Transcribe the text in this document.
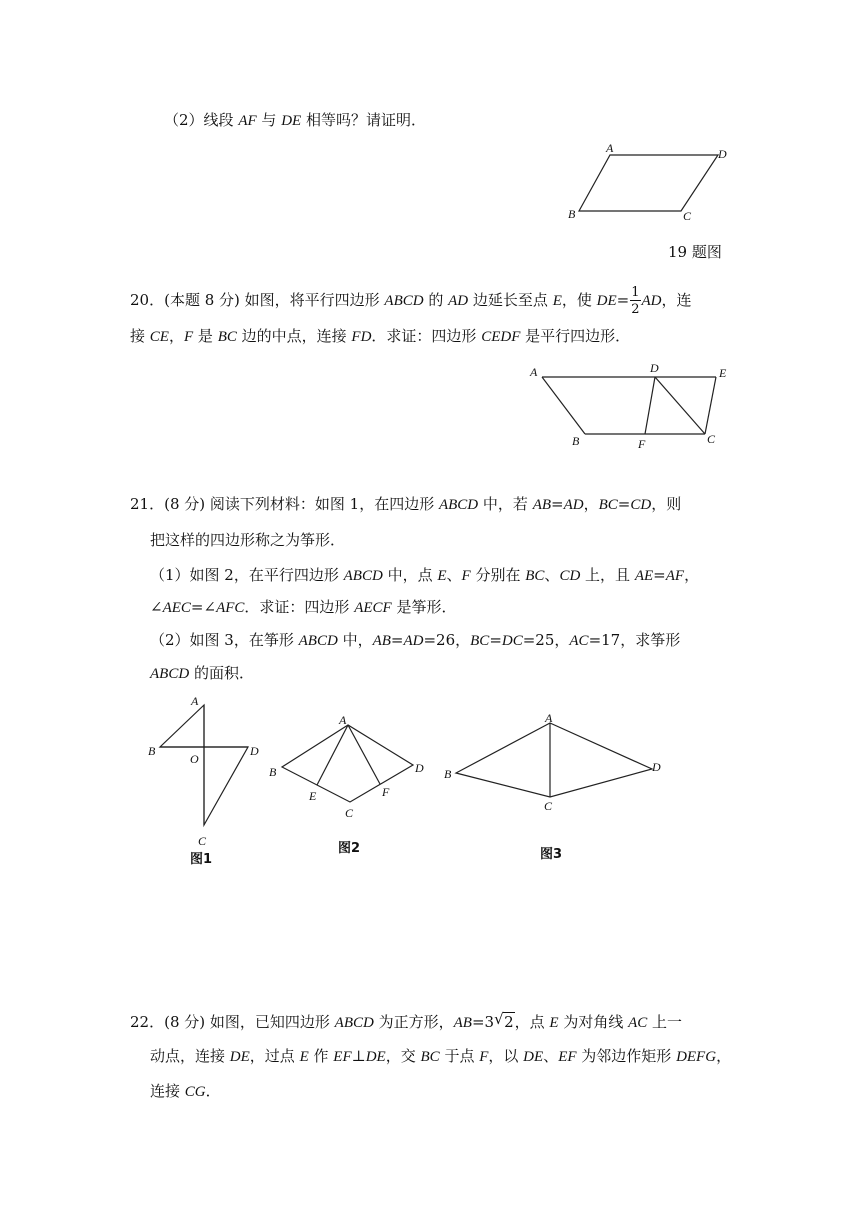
（2）线段 AF 与 DE 相等吗？请证明．
A	D
B	C
19 题图
20．(本题 8 分) 如图，将平行四边形 ABCD 的 AD 边延长至点 E，使 $DE= \frac{1}{2}$ AD，连
接 CE，F 是 BC 边的中点，连接 FD．求证：四边形 CEDF 是平行四边形．
A	D	E
B	F	C
21．(8 分) 阅读下列材料：如图 1，在四边形 ABCD 中，若 AB=AD，BC=CD，则
把这样的四边形称之为筝形．
（1）如图 2，在平行四边形 ABCD 中，点 E、F 分别在 BC、CD 上，且 AE=AF，
∠AEC=∠AFC．求证：四边形 AECF 是筝形．
（2）如图 3，在筝形 ABCD 中，AB=AD=26，BC=DC=25，AC=17，求筝形
ABCD 的面积．
A
B	D
O
C
图1
A
B	D
E	F
C
图2
A
B	D
C
图3
22．(8 分) 如图，已知四边形 ABCD 为正方形，AB=3 √ 2，点 E 为对角线 AC 上一
动点，连接 DE，过点 E 作 EF⊥DE，交 BC 于点 F，以 DE、EF 为邻边作矩形 DEFG，
连接 CG．
